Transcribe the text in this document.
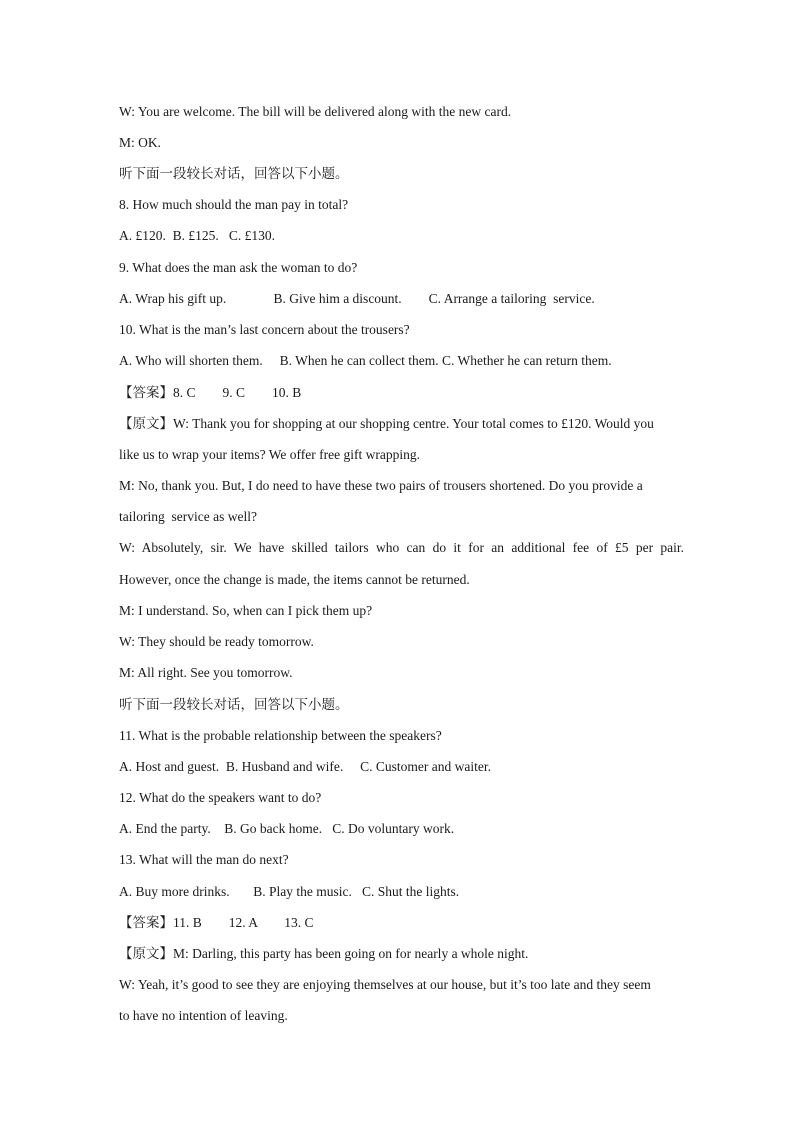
W: You are welcome. The bill will be delivered along with the new card.
M: OK.
听下面一段较长对话，回答以下小题。
8. How much should the man pay in total?
A. £120.  B. £125.   C. £130.
9. What does the man ask the woman to do?
A. Wrap his gift up.              B. Give him a discount.        C. Arrange a tailoring  service.
10. What is the man’s last concern about the trousers?
A. Who will shorten them.     B. When he can collect them. C. Whether he can return them.
【答案】8. C        9. C        10. B
【原文】W: Thank you for shopping at our shopping centre. Your total comes to £120. Would you
like us to wrap your items? We offer free gift wrapping.
M: No, thank you. But, I do need to have these two pairs of trousers shortened. Do you provide a
tailoring  service as well?
W: Absolutely, sir. We have skilled tailors who can do it for an additional fee of £5 per pair.
However, once the change is made, the items cannot be returned.
M: I understand. So, when can I pick them up?
W: They should be ready tomorrow.
M: All right. See you tomorrow.
听下面一段较长对话，回答以下小题。
11. What is the probable relationship between the speakers?
A. Host and guest.  B. Husband and wife.     C. Customer and waiter.
12. What do the speakers want to do?
A. End the party.    B. Go back home.   C. Do voluntary work.
13. What will the man do next?
A. Buy more drinks.       B. Play the music.   C. Shut the lights.
【答案】11. B        12. A        13. C
【原文】M: Darling, this party has been going on for nearly a whole night.
W: Yeah, it’s good to see they are enjoying themselves at our house, but it’s too late and they seem
to have no intention of leaving.
